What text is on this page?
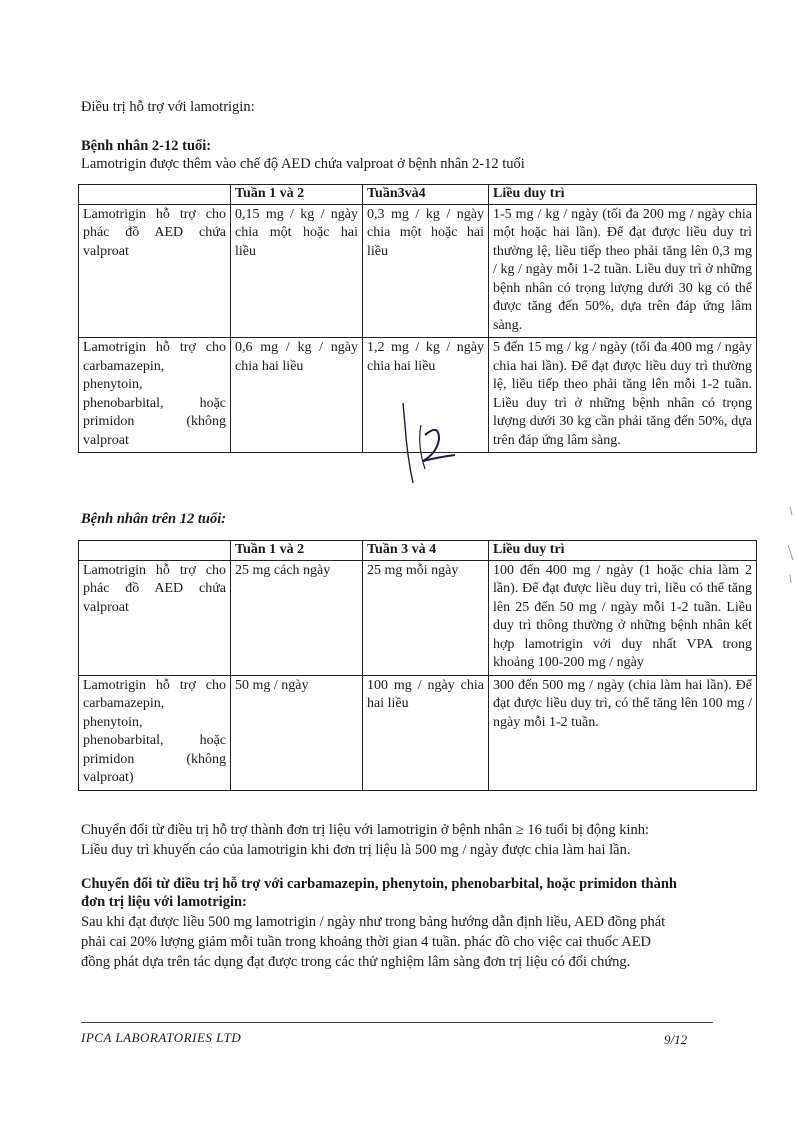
Điều trị hỗ trợ với lamotrigin:
Bệnh nhân 2-12 tuổi:
Lamotrigin được thêm vào chế độ AED chứa valproat ở bệnh nhân 2-12 tuổi
	Tuần 1 và 2	Tuần3và4	Liều duy trì
Lamotrigin hỗ trợ cho phác đồ AED chứa valproat	0,15 mg / kg / ngày chia một hoặc hai liều	0,3 mg / kg / ngày chia một hoặc hai liều	1-5 mg / kg / ngày (tối đa 200 mg / ngày chia một hoặc hai lần). Để đạt được liều duy trì thường lệ, liều tiếp theo phải tăng lên 0,3 mg / kg / ngày mỗi 1-2 tuần. Liều duy trì ở những bệnh nhân có trọng lượng dưới 30 kg có thể được tăng đến 50%, dựa trên đáp ứng lâm sàng.
Lamotrigin hỗ trợ cho carbamazepin, phenytoin, phenobarbital, hoặc primidon (không valproat	0,6 mg / kg / ngày chia hai liều	1,2 mg / kg / ngày chia hai liều	5 đến 15 mg / kg / ngày (tối đa 400 mg / ngày chia hai lần). Để đạt được liều duy trì thường lệ, liều tiếp theo phải tăng lên mỗi 1-2 tuần. Liều duy trì ở những bệnh nhân có trọng lượng dưới 30 kg cần phải tăng đến 50%, dựa trên đáp ứng lâm sàng.
Bệnh nhân trên 12 tuổi:
	Tuần 1 và 2	Tuần 3 và 4	Liều duy trì
Lamotrigin hỗ trợ cho phác đồ AED chứa valproat	25 mg cách ngày	25 mg mỗi ngày	100 đến 400 mg / ngày (1 hoặc chia làm 2 lần). Để đạt được liều duy trì, liều có thể tăng lên 25 đến 50 mg / ngày mỗi 1-2 tuần. Liều duy trì thông thường ở những bệnh nhân kết hợp lamotrigin với duy nhất VPA trong khoảng 100-200 mg / ngày
Lamotrigin hỗ trợ cho carbamazepin, phenytoin, phenobarbital, hoặc primidon (không valproat)	50 mg / ngày	100 mg / ngày chia hai liều	300 đến 500 mg / ngày (chia làm hai lần). Để đạt được liều duy trì, có thể tăng lên 100 mg / ngày mỗi 1-2 tuần.
Chuyển đổi từ điều trị hỗ trợ thành đơn trị liệu với lamotrigin ở bệnh nhân ≥ 16 tuổi bị động kinh:
Liều duy trì khuyến cáo của lamotrigin khi đơn trị liệu là 500 mg / ngày được chia làm hai lần.
Chuyển đổi từ điều trị hỗ trợ với carbamazepin, phenytoin, phenobarbital, hoặc primidon thành
đơn trị liệu với lamotrigin:
Sau khi đạt được liều 500 mg lamotrigin / ngày như trong bảng hướng dẫn định liều, AED đồng phát
phải cai 20% lượng giảm mỗi tuần trong khoảng thời gian 4 tuần. phác đồ cho việc cai thuốc AED
đồng phát dựa trên tác dụng đạt được trong các thử nghiệm lâm sàng đơn trị liệu có đối chứng.
IPCA LABORATORIES LTD	9/12
